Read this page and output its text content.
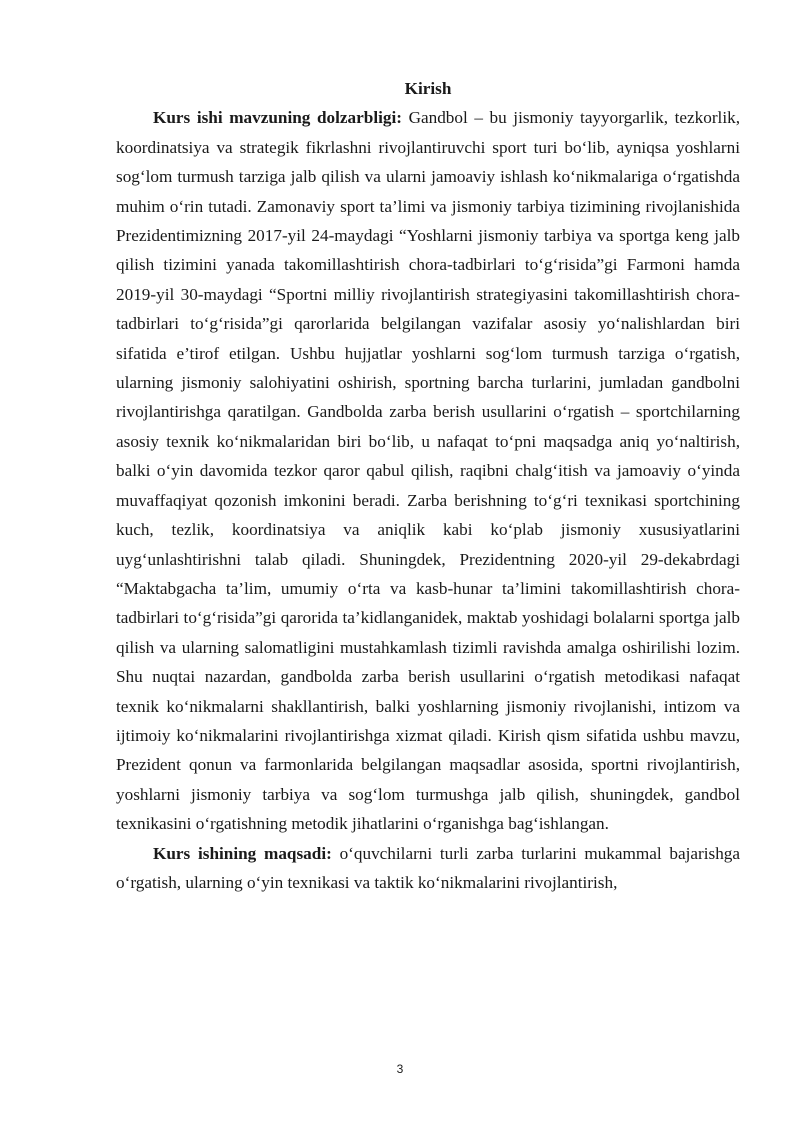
Kirish

Kurs ishi mavzuning dolzarbligi: Gandbol – bu jismoniy tayyorgarlik, tezkorlik, koordinatsiya va strategik fikrlashni rivojlantiruvchi sport turi bo‘lib, ayniqsa yoshlarni sog‘lom turmush tarziga jalb qilish va ularni jamoaviy ishlash ko‘nikmalariga o‘rgatishda muhim o‘rin tutadi. Zamonaviy sport ta’limi va jismoniy tarbiya tizimining rivojlanishida Prezidentimizning 2017-yil 24-maydagi “Yoshlarni jismoniy tarbiya va sportga keng jalb qilish tizimini yanada takomillashtirish chora-tadbirlari to‘g‘risida”gi Farmoni hamda 2019-yil 30-maydagi “Sportni milliy rivojlantirish strategiyasini takomillashtirish chora-tadbirlari to‘g‘risida”gi qarorlarida belgilangan vazifalar asosiy yo‘nalishlardan biri sifatida e’tirof etilgan. Ushbu hujjatlar yoshlarni sog‘lom turmush tarziga o‘rgatish, ularning jismoniy salohiyatini oshirish, sportning barcha turlarini, jumladan gandbolni rivojlantirishga qaratilgan. Gandbolda zarba berish usullarini o‘rgatish – sportchilarning asosiy texnik ko‘nikmalaridan biri bo‘lib, u nafaqat to‘pni maqsadga aniq yo‘naltirish, balki o‘yin davomida tezkor qaror qabul qilish, raqibni chalg‘itish va jamoaviy o‘yinda muvaffaqiyat qozonish imkonini beradi. Zarba berishning to‘g‘ri texnikasi sportchining kuch, tezlik, koordinatsiya va aniqlik kabi ko‘plab jismoniy xususiyatlarini uyg‘unlashtirishni talab qiladi. Shuningdek, Prezidentning 2020-yil 29-dekabrdagi “Maktabgacha ta’lim, umumiy o‘rta va kasb-hunar ta’limini takomillashtirish chora-tadbirlari to‘g‘risida”gi qarorida ta’kidlanganidek, maktab yoshidagi bolalarni sportga jalb qilish va ularning salomatligini mustahkamlash tizimli ravishda amalga oshirilishi lozim. Shu nuqtai nazardan, gandbolda zarba berish usullarini o‘rgatish metodikasi nafaqat texnik ko‘nikmalarni shakllantirish, balki yoshlarning jismoniy rivojlanishi, intizom va ijtimoiy ko‘nikmalarini rivojlantirishga xizmat qiladi. Kirish qism sifatida ushbu mavzu, Prezident qonun va farmonlarida belgilangan maqsadlar asosida, sportni rivojlantirish, yoshlarni jismoniy tarbiya va sog‘lom turmushga jalb qilish, shuningdek, gandbol texnikasini o‘rgatishning metodik jihatlarini o‘rganishga bag‘ishlangan.

Kurs ishining maqsadi: o‘quvchilarni turli zarba turlarini mukammal bajarishga o‘rgatish, ularning o‘yin texnikasi va taktik ko‘nikmalarini rivojlantirish,

3
